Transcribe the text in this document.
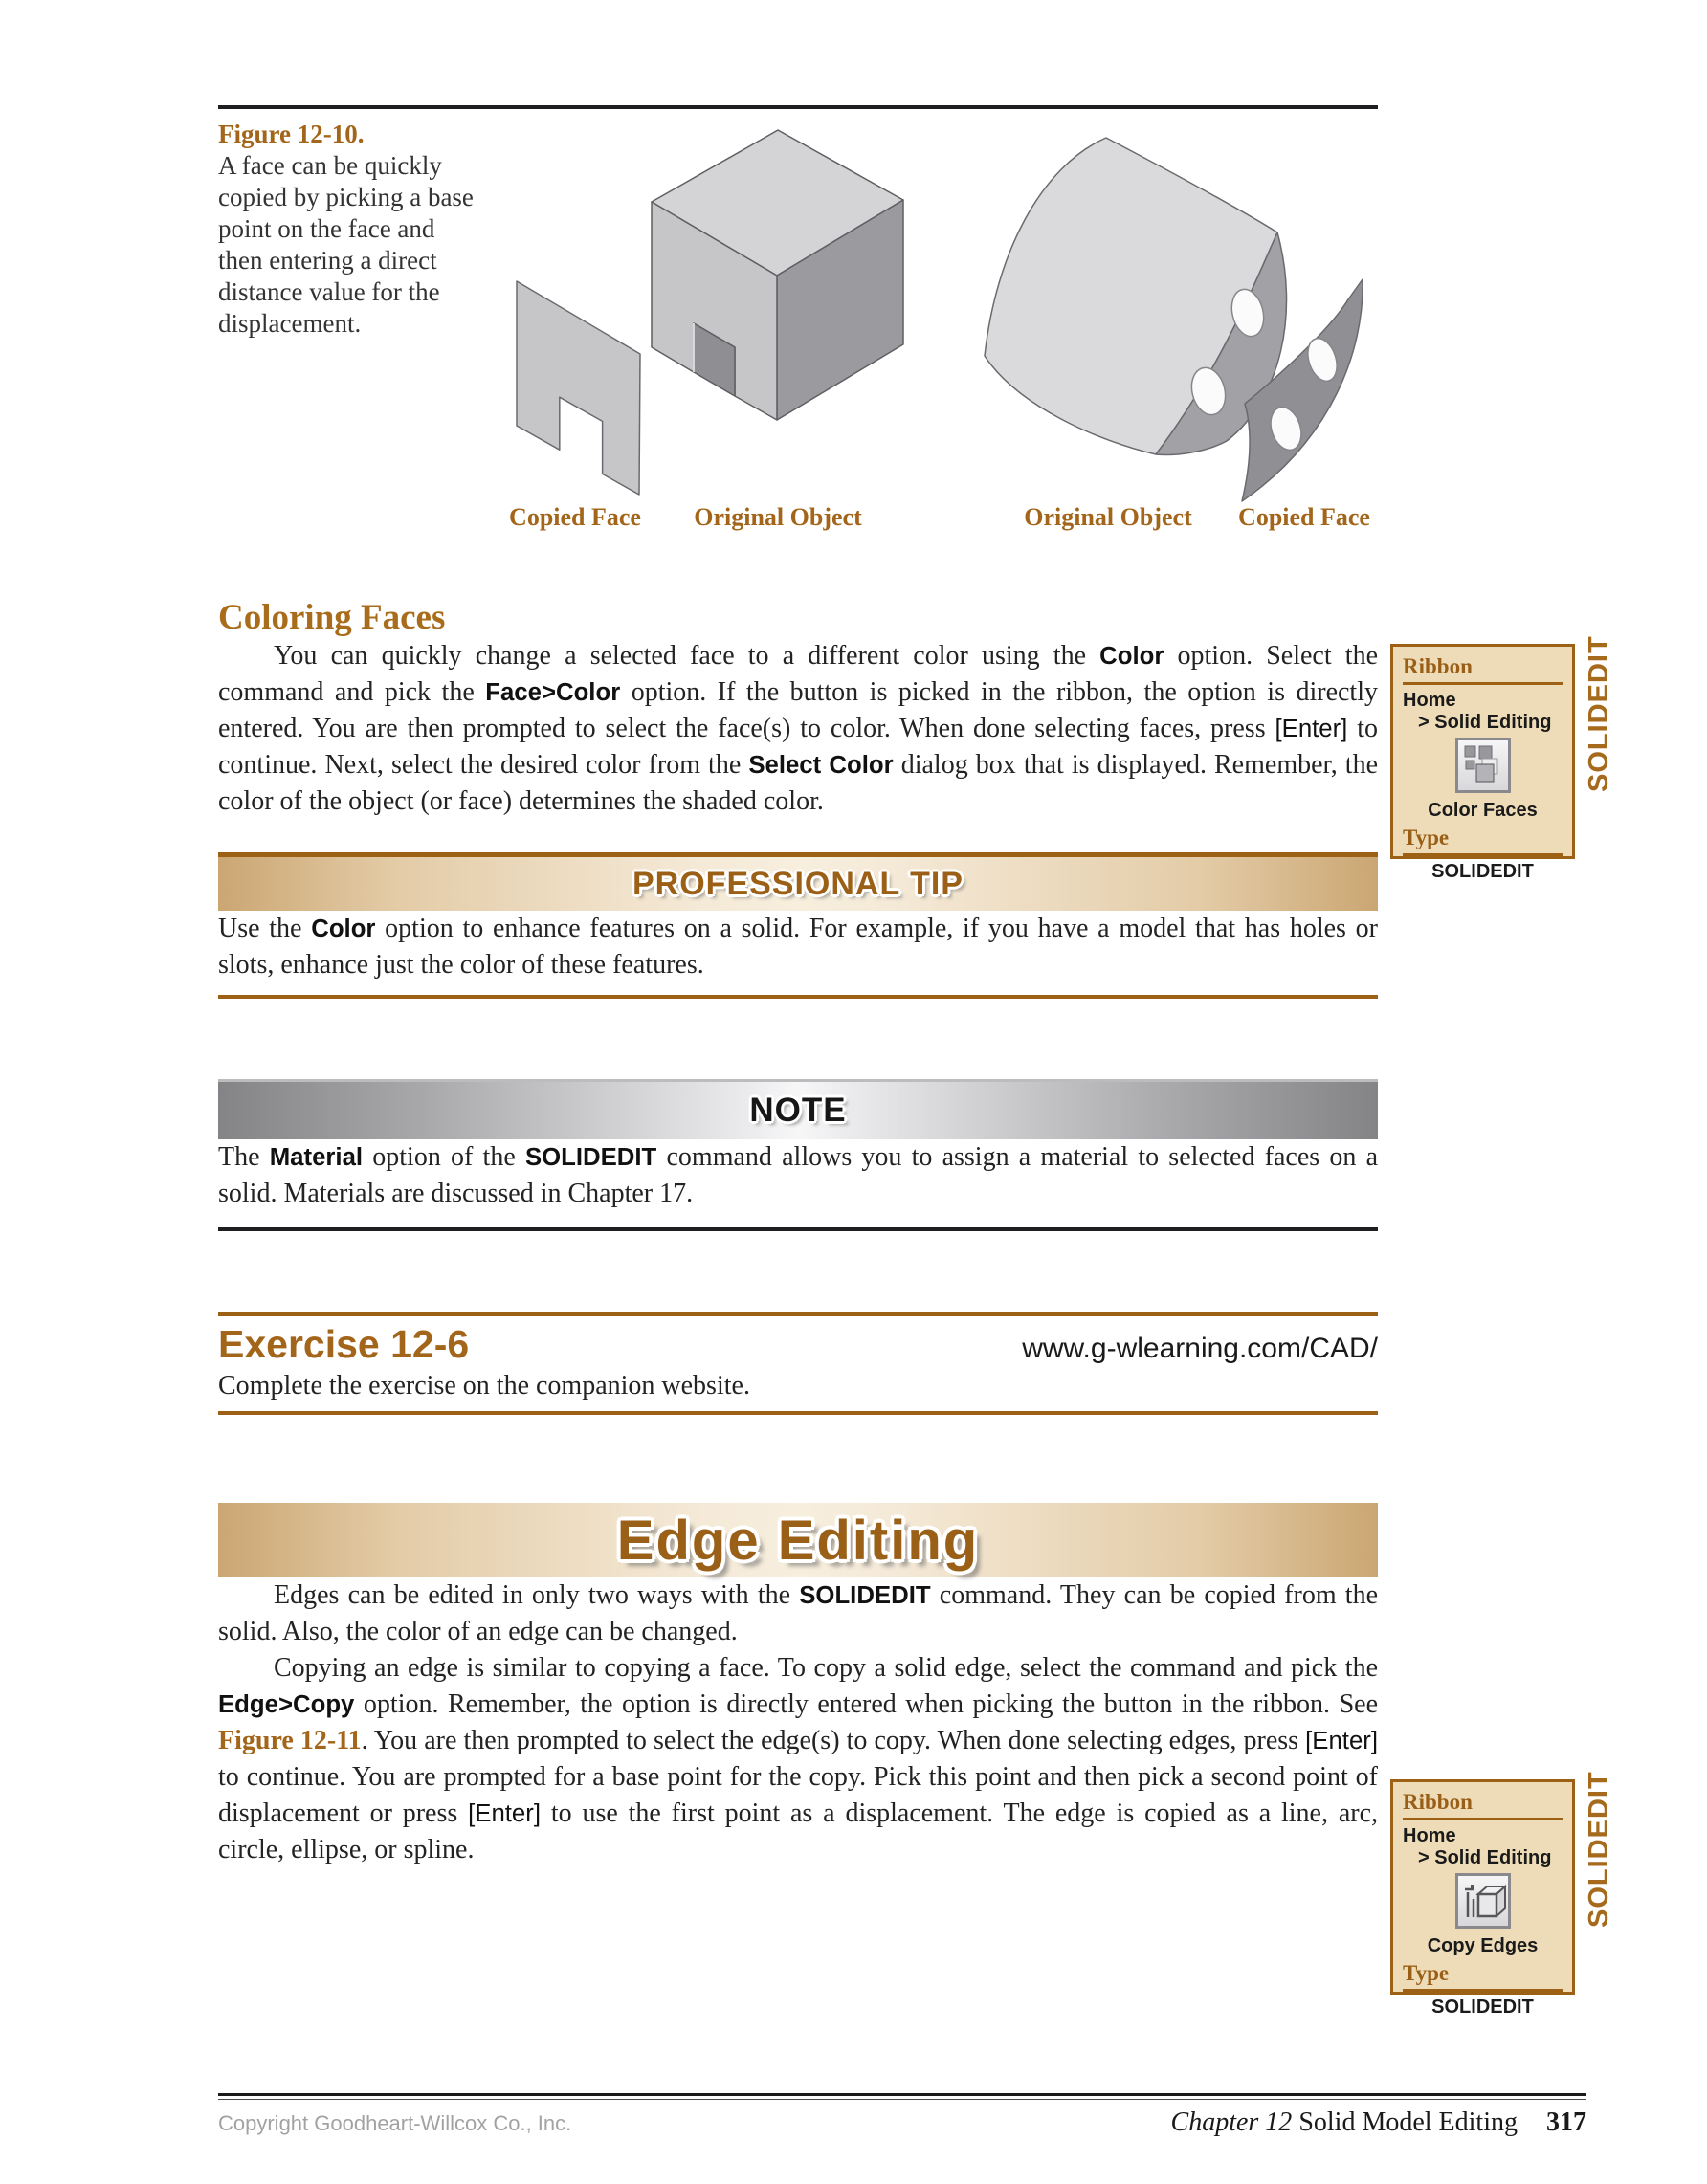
Figure 12-10.
A face can be quickly copied by picking a base point on the face and then entering a direct distance value for the displacement.
Copied Face Original Object	Original Object Copied Face
Coloring Faces

You can quickly change a selected face to a different color using the Color option. Select the command and pick the Face>Color option. If the button is picked in the ribbon, the option is directly entered. You are then prompted to select the face(s) to color. When done selecting faces, press [Enter] to continue. Next, select the desired color from the Select Color dialog box that is displayed. Remember, the color of the object (or face) determines the shaded color.

PROFESSIONAL TIP

Use the Color option to enhance features on a solid. For example, if you have a model that has holes or slots, enhance just the color of these features.

NOTE

The Material option of the SOLIDEDIT command allows you to assign a material to selected faces on a solid. Materials are discussed in Chapter 17.

Exercise 12-6	www.g-wlearning.com/CAD/

Complete the exercise on the companion website.

Edge Editing

Edges can be edited in only two ways with the SOLIDEDIT command. They can be copied from the solid. Also, the color of an edge can be changed.

Copying an edge is similar to copying a face. To copy a solid edge, select the command and pick the Edge>Copy option. Remember, the option is directly entered when picking the button in the ribbon. See Figure 12-11. You are then prompted to select the edge(s) to copy. When done selecting edges, press [Enter] to continue. You are prompted for a base point for the copy. Pick this point and then pick a second point of displacement or press [Enter] to use the first point as a displacement. The edge is copied as a line, arc, circle, ellipse, or spline.

Ribbon
Home
> Solid Editing
Color Faces
Type
SOLIDEDIT
SOLIDEDIT
Ribbon
Home
> Solid Editing
Copy Edges
Type
SOLIDEDIT
SOLIDEDIT
Copyright Goodheart-Willcox Co., Inc.	Chapter 12 Solid Model Editing 317
